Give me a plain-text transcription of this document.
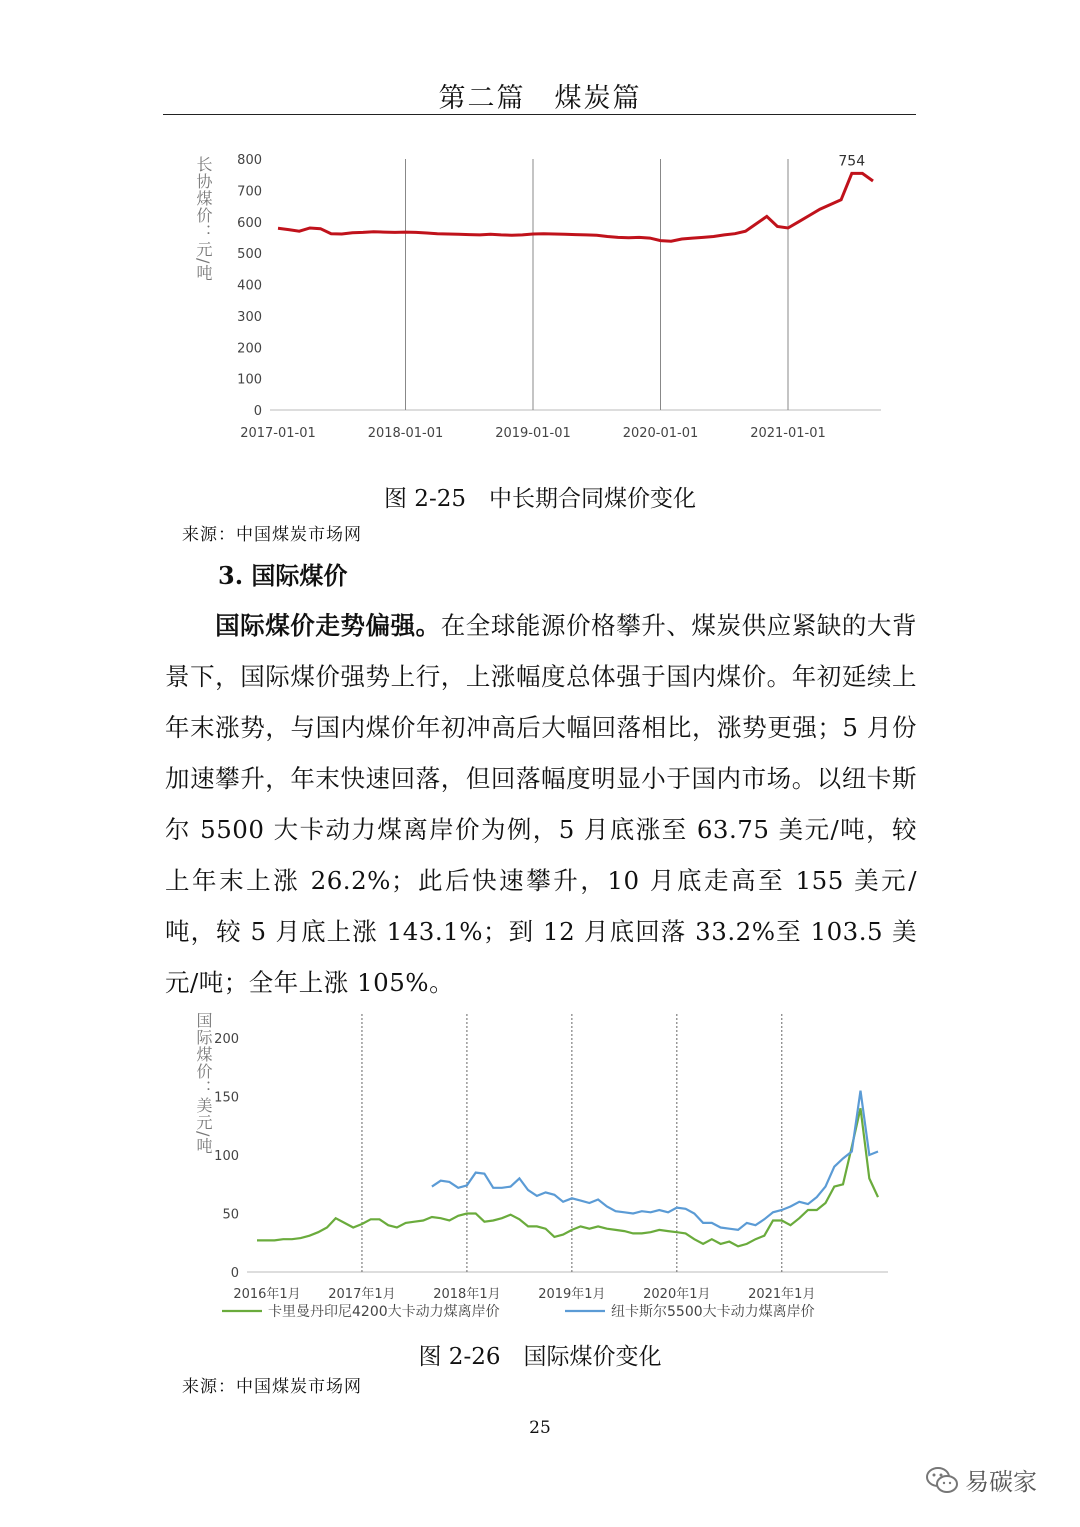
第二篇　煤炭篇
长协煤价：元/吨
0
100
200
300
400
500
600
700
800
2017-01-01	2018-01-01	2019-01-01	2020-01-01	2021-01-01
754
图 2-25　中长期合同煤价变化
来源：中国煤炭市场网
3. 国际煤价
国际煤价走势偏强。在全球能源价格攀升、煤炭供应紧缺的大背景下，国际煤价强势上行，上涨幅度总体强于国内煤价。年初延续上年末涨势，与国内煤价年初冲高后大幅回落相比，涨势更强；5 月份加速攀升，年末快速回落，但回落幅度明显小于国内市场。以纽卡斯尔 5500 大卡动力煤离岸价为例，5 月底涨至 63.75 美元/吨，较上年末上涨 26.2%；此后快速攀升，10 月底走高至 155 美元/吨，较 5 月底上涨 143.1%；到 12 月底回落 33.2%至 103.5 美元/吨；全年上涨 105%。
国际煤价：美元/吨
0
50
100
150
200
2016年1月 2017年1月	2018年1月	2019年1月	2020年1月	2021年1月
卡里曼丹印尼4200大卡动力煤离岸价	纽卡斯尔5500大卡动力煤离岸价
图 2-26　国际煤价变化
来源：中国煤炭市场网
25
易碳家
